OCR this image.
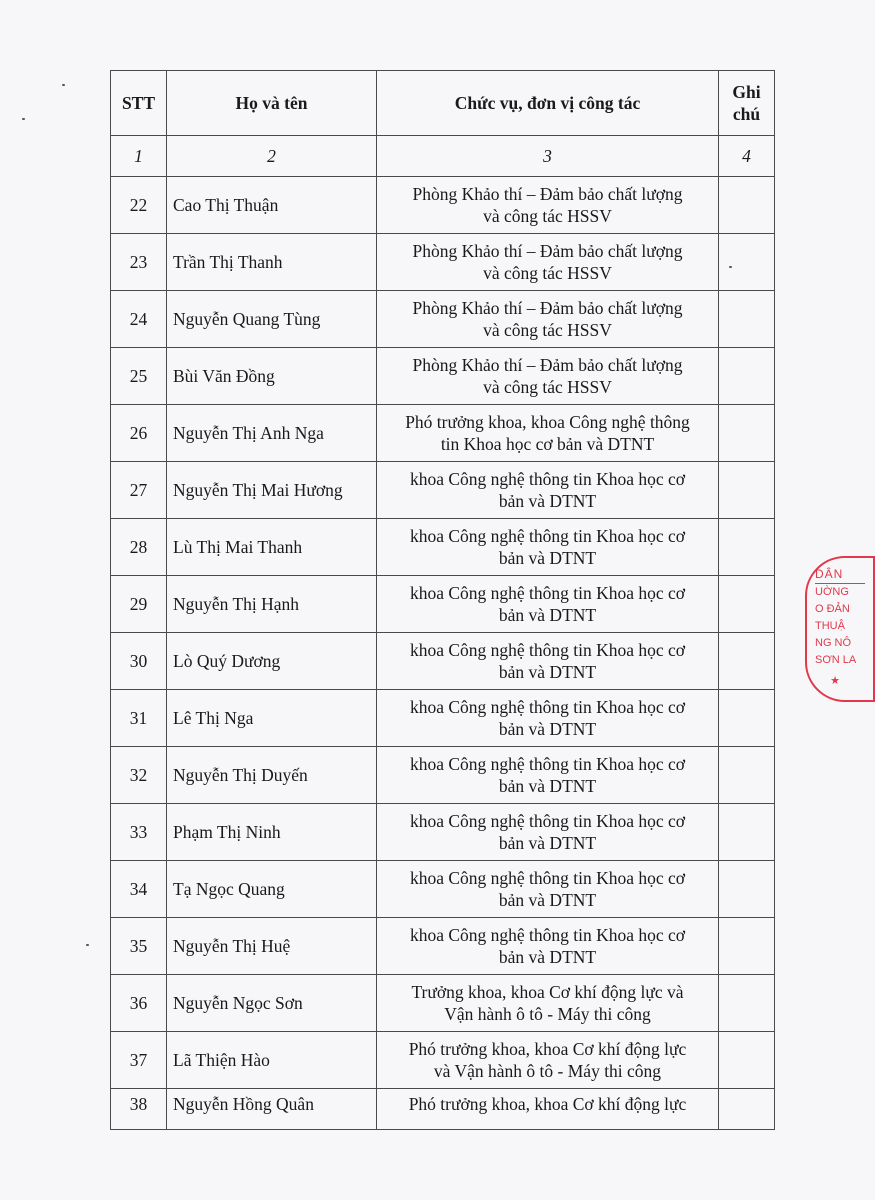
STT	Họ và tên	Chức vụ, đơn vị công tác	Ghi
chú
1	2	3	4
22	Cao Thị Thuận	Phòng Khảo thí – Đảm bảo chất lượng
và công tác HSSV	
23	Trần Thị Thanh	Phòng Khảo thí – Đảm bảo chất lượng
và công tác HSSV	
24	Nguyễn Quang Tùng	Phòng Khảo thí – Đảm bảo chất lượng
và công tác HSSV	
25	Bùi Văn Đồng	Phòng Khảo thí – Đảm bảo chất lượng
và công tác HSSV	
26	Nguyễn Thị Anh Nga	Phó trưởng khoa, khoa Công nghệ thông
tin Khoa học cơ bản và DTNT	
27	Nguyễn Thị Mai Hương	khoa Công nghệ thông tin Khoa học cơ
bản và DTNT	
28	Lù Thị Mai Thanh	khoa Công nghệ thông tin Khoa học cơ
bản và DTNT	
29	Nguyễn Thị Hạnh	khoa Công nghệ thông tin Khoa học cơ
bản và DTNT	
30	Lò Quý Dương	khoa Công nghệ thông tin Khoa học cơ
bản và DTNT	
31	Lê Thị Nga	khoa Công nghệ thông tin Khoa học cơ
bản và DTNT	
32	Nguyễn Thị Duyến	khoa Công nghệ thông tin Khoa học cơ
bản và DTNT	
33	Phạm Thị Ninh	khoa Công nghệ thông tin Khoa học cơ
bản và DTNT	
34	Tạ Ngọc Quang	khoa Công nghệ thông tin Khoa học cơ
bản và DTNT	
35	Nguyễn Thị Huệ	khoa Công nghệ thông tin Khoa học cơ
bản và DTNT	
36	Nguyễn Ngọc Sơn	Trưởng khoa, khoa Cơ khí động lực và
Vận hành ô tô - Máy thi công	
37	Lã Thiện Hào	Phó trưởng khoa, khoa Cơ khí động lực
và Vận hành ô tô - Máy thi công	
38	Nguyễn Hồng Quân	Phó trưởng khoa, khoa Cơ khí động lực	
DÂN
UỜNG
O ĐẢN
THUẬ
NG NÔ
SƠN LA
★
